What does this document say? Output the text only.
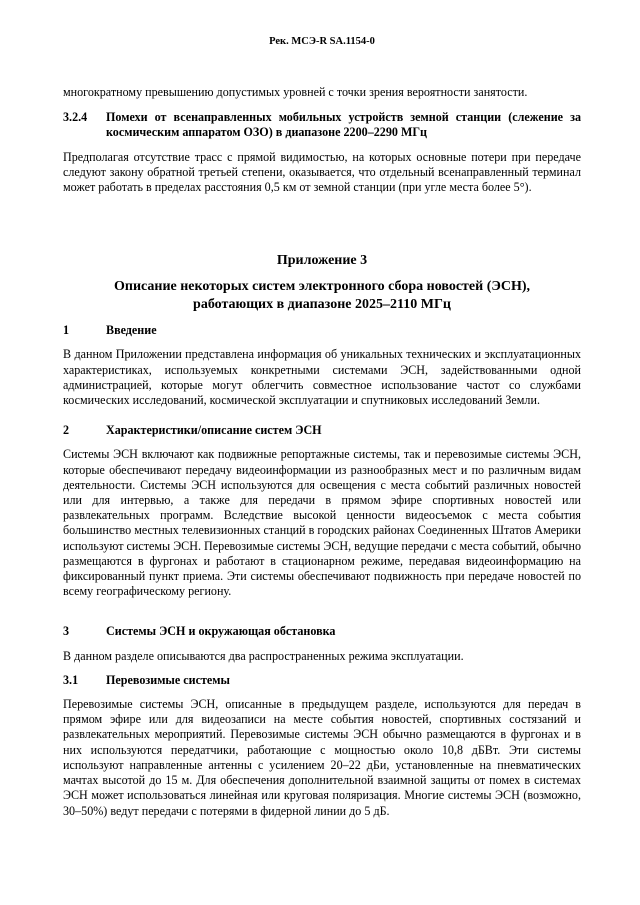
Рек. МСЭ-R SA.1154-0

многократному превышению допустимых уровней с точки зрения вероятности занятости.

3.2.4	Помехи от всенаправленных мобильных устройств земной станции (слежение за космическим аппаратом ОЗО) в диапазоне 2200–2290 МГц

Предполагая отсутствие трасс с прямой видимостью, на которых основные потери при передаче следуют закону обратной третьей степени, оказывается, что отдельный всенаправленный терминал может работать в пределах расстояния 0,5 км от земной станции (при угле места более 5°).

Приложение 3
Описание некоторых систем электронного сбора новостей (ЭСН),
работающих в диапазоне 2025–2110 МГц
1	Введение

В данном Приложении представлена информация об уникальных технических и эксплуатационных характеристиках, используемых конкретными системами ЭСН, задействованными одной администрацией, которые могут облегчить совместное использование частот со службами космических исследований, космической эксплуатации и спутниковых исследований Земли.

2	Характеристики/описание систем ЭСН

Системы ЭСН включают как подвижные репортажные системы, так и перевозимые системы ЭСН, которые обеспечивают передачу видеоинформации из разнообразных мест и по различным видам деятельности. Системы ЭСН используются для освещения с места событий различных новостей или для интервью, а также для передачи в прямом эфире спортивных новостей или развлекательных программ. Вследствие высокой ценности видеосъемок с места события большинство местных телевизионных станций в городских районах Соединенных Штатов Америки используют системы ЭСН. Перевозимые системы ЭСН, ведущие передачи с места событий, обычно размещаются в фургонах и работают в стационарном режиме, передавая видеоинформацию на фиксированный пункт приема. Эти системы обеспечивают подвижность при передаче новостей по всему географическому региону.

3	Системы ЭСН и окружающая обстановка

В данном разделе описываются два распространенных режима эксплуатации.

3.1	Перевозимые системы

Перевозимые системы ЭСН, описанные в предыдущем разделе, используются для передач в прямом эфире или для видеозаписи на месте события новостей, спортивных состязаний и развлекательных мероприятий. Перевозимые системы ЭСН обычно размещаются в фургонах и в них используются передатчики, работающие с мощностью около 10,8 дБВт. Эти системы используют направленные антенны с усилением 20–22 дБи, установленные на пневматических мачтах высотой до 15 м. Для обеспечения дополнительной взаимной защиты от помех в системах ЭСН может использоваться линейная или круговая поляризация. Многие системы ЭСН (возможно, 30–50%) ведут передачи с потерями в фидерной линии до 5 дБ.
